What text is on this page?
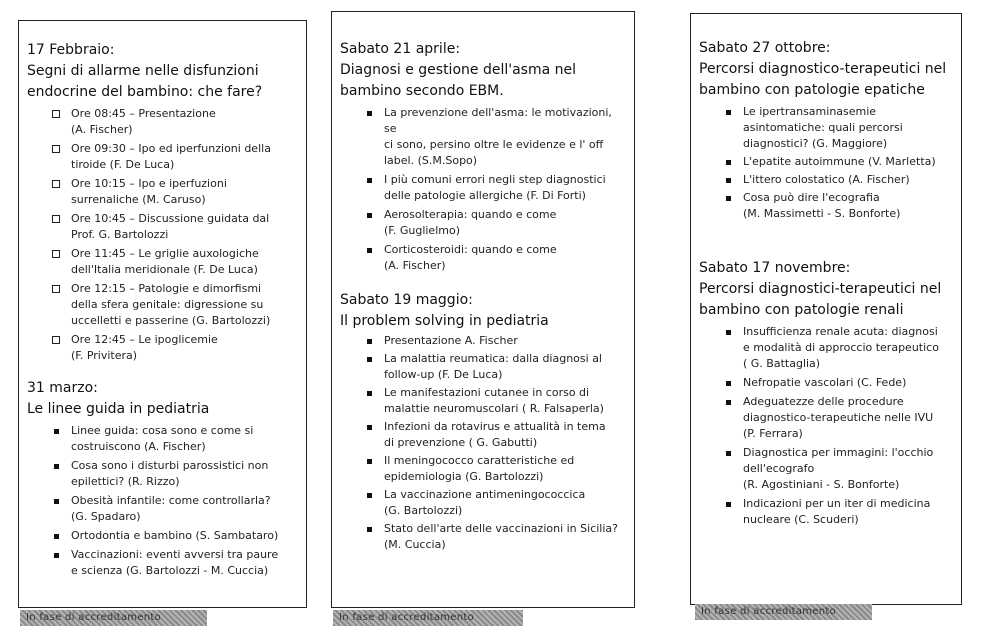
17 Febbraio:
Segni di allarme nelle disfunzioni
endocrine del bambino: che fare?
Ore 08:45 – Presentazione
(A. Fischer)
Ore 09:30 – Ipo ed iperfunzioni della
tiroide (F. De Luca)
Ore 10:15 – Ipo e iperfuzioni
surrenaliche (M. Caruso)
Ore 10:45 – Discussione guidata dal
Prof. G. Bartolozzi
Ore 11:45 – Le griglie auxologiche
dell'Italia meridionale (F. De Luca)
Ore 12:15 – Patologie e dimorfismi
della sfera genitale: digressione su
uccelletti e passerine (G. Bartolozzi)
Ore 12:45 – Le ipoglicemie
(F. Privitera)
31 marzo:
Le linee guida in pediatria
Linee guida: cosa sono e come si
costruiscono (A. Fischer)
Cosa sono i disturbi parossistici non
epilettici? (R. Rizzo)
Obesità infantile: come controllarla?
(G. Spadaro)
Ortodontia e bambino (S. Sambataro)
Vaccinazioni: eventi avversi tra paure
e scienza (G. Bartolozzi - M. Cuccia)
Sabato 21 aprile:
Diagnosi e gestione dell'asma nel
bambino secondo EBM.
La prevenzione dell'asma: le motivazioni, se
ci sono, persino oltre le evidenze e l' off
label. (S.M.Sopo)
I più comuni errori negli step diagnostici
delle patologie allergiche (F. Di Forti)
Aerosolterapia: quando e come
(F. Guglielmo)
Corticosteroidi: quando e come
(A. Fischer)
Sabato 19 maggio:
Il problem solving in pediatria
Presentazione A. Fischer
La malattia reumatica: dalla diagnosi al
follow-up (F. De Luca)
Le manifestazioni cutanee in corso di
malattie neuromuscolari ( R. Falsaperla)
Infezioni da rotavirus e attualità in tema
di prevenzione ( G. Gabutti)
Il meningococco caratteristiche ed
epidemiologia (G. Bartolozzi)
La vaccinazione antimeningococcica
(G. Bartolozzi)
Stato dell'arte delle vaccinazioni in Sicilia?
(M. Cuccia)
Sabato 27 ottobre:
Percorsi diagnostico-terapeutici nel
bambino con patologie epatiche
Le ipertransaminasemie
asintomatiche: quali percorsi
diagnostici? (G. Maggiore)
L'epatite autoimmune (V. Marletta)
L'ittero colostatico (A. Fischer)
Cosa può dire l'ecografia
(M. Massimetti - S. Bonforte)
Sabato 17 novembre:
Percorsi diagnostici-terapeutici nel
bambino con patologie renali
Insufficienza renale acuta: diagnosi
e modalità di approccio terapeutico
( G. Battaglia)
Nefropatie vascolari (C. Fede)
Adeguatezze delle procedure
diagnostico-terapeutiche nelle IVU
(P. Ferrara)
Diagnostica per immagini: l'occhio
dell'ecografo
(R. Agostiniani - S. Bonforte)
Indicazioni per un iter di medicina
nucleare (C. Scuderi)
In fase di accreditamento	In fase di accreditamento
In fase di accreditamento
